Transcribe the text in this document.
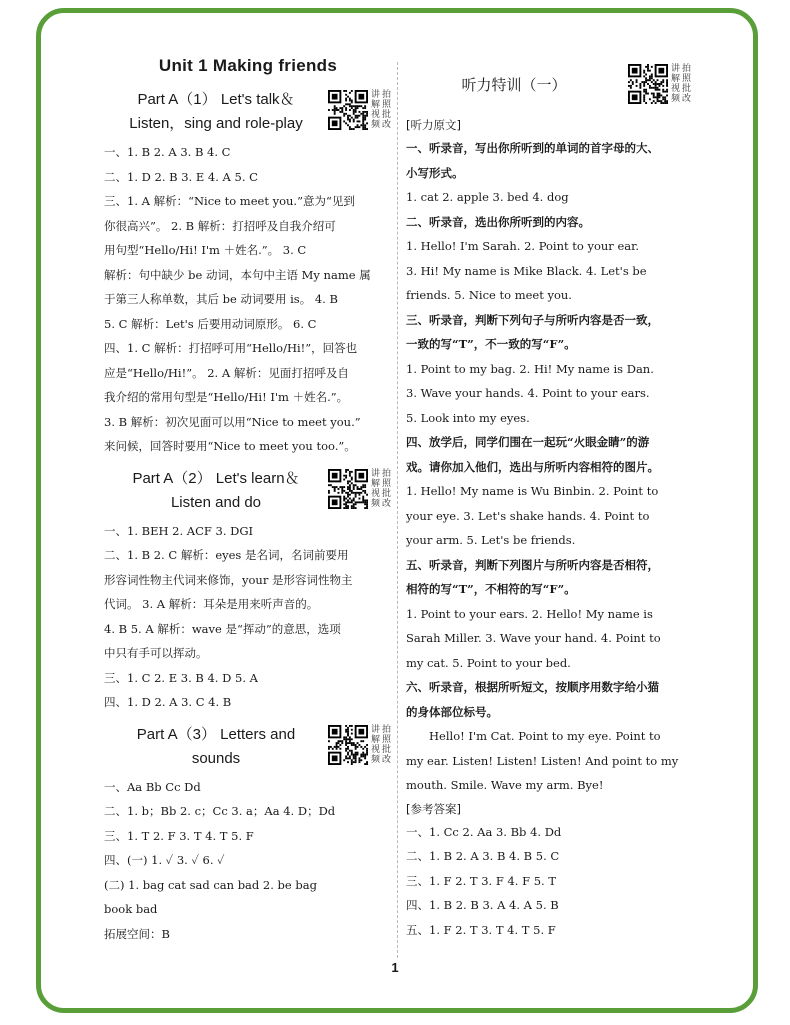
Unit 1 Making friends
Part A（1） Let's talk＆
Listen，sing and role-play
讲 拍
解 照
视 批
频 改
一、1. B 2. A 3. B 4. C
二、1. D 2. B 3. E 4. A 5. C
三、1. A 解析：“Nice to meet you.”意为“见到
你很高兴”。 2. B 解析：打招呼及自我介绍可
用句型“Hello/Hi! I'm ＋姓名.”。 3. C
解析：句中缺少 be 动词，本句中主语 My name 属
于第三人称单数，其后 be 动词要用 is。 4. B
5. C 解析：Let's 后要用动词原形。 6. C
四、1. C 解析：打招呼可用“Hello/Hi!”，回答也
应是“Hello/Hi!”。 2. A 解析：见面打招呼及自
我介绍的常用句型是“Hello/Hi! I'm ＋姓名.”。
3. B 解析：初次见面可以用“Nice to meet you.”
来问候，回答时要用“Nice to meet you too.”。
Part A（2） Let's learn＆
Listen and do
讲 拍
解 照
视 批
频 改
一、1. BEH 2. ACF 3. DGI
二、1. B 2. C 解析：eyes 是名词，名词前要用
形容词性物主代词来修饰，your 是形容词性物主
代词。 3. A 解析：耳朵是用来听声音的。
4. B 5. A 解析：wave 是“挥动”的意思，选项
中只有手可以挥动。
三、1. C 2. E 3. B 4. D 5. A
四、1. D 2. A 3. C 4. B
Part A（3） Letters and
sounds
讲 拍
解 照
视 批
频 改
一、Aa Bb Cc Dd
二、1. b；Bb 2. c；Cc 3. a；Aa 4. D；Dd
三、1. T 2. F 3. T 4. T 5. F
四、(一) 1. ✓ 3. ✓ 6. ✓
(二) 1. bag cat sad can bad 2. be bag
book bad
拓展空间：B
听力特训（一）
讲 拍
解 照
视 批
频 改
[听力原文]
一、听录音，写出你所听到的单词的首字母的大、
小写形式。
1. cat 2. apple 3. bed 4. dog
二、听录音，选出你所听到的内容。
1. Hello! I'm Sarah. 2. Point to your ear.
3. Hi! My name is Mike Black. 4. Let's be
friends. 5. Nice to meet you.
三、听录音，判断下列句子与所听内容是否一致，
一致的写“T”，不一致的写“F”。
1. Point to my bag. 2. Hi! My name is Dan.
3. Wave your hands. 4. Point to your ears.
5. Look into my eyes.
四、放学后，同学们围在一起玩“火眼金睛”的游
戏。请你加入他们，选出与所听内容相符的图片。
1. Hello! My name is Wu Binbin. 2. Point to
your eye. 3. Let's shake hands. 4. Point to
your arm. 5. Let's be friends.
五、听录音，判断下列图片与所听内容是否相符，
相符的写“T”，不相符的写“F”。
1. Point to your ears. 2. Hello! My name is
Sarah Miller. 3. Wave your hand. 4. Point to
my cat. 5. Point to your bed.
六、听录音，根据所听短文，按顺序用数字给小猫
的身体部位标号。
Hello! I'm Cat. Point to my eye. Point to
my ear. Listen! Listen! Listen! And point to my
mouth. Smile. Wave my arm. Bye!
[参考答案]
一、1. Cc 2. Aa 3. Bb 4. Dd
二、1. B 2. A 3. B 4. B 5. C
三、1. F 2. T 3. F 4. F 5. T
四、1. B 2. B 3. A 4. A 5. B
五、1. F 2. T 3. T 4. T 5. F
1
